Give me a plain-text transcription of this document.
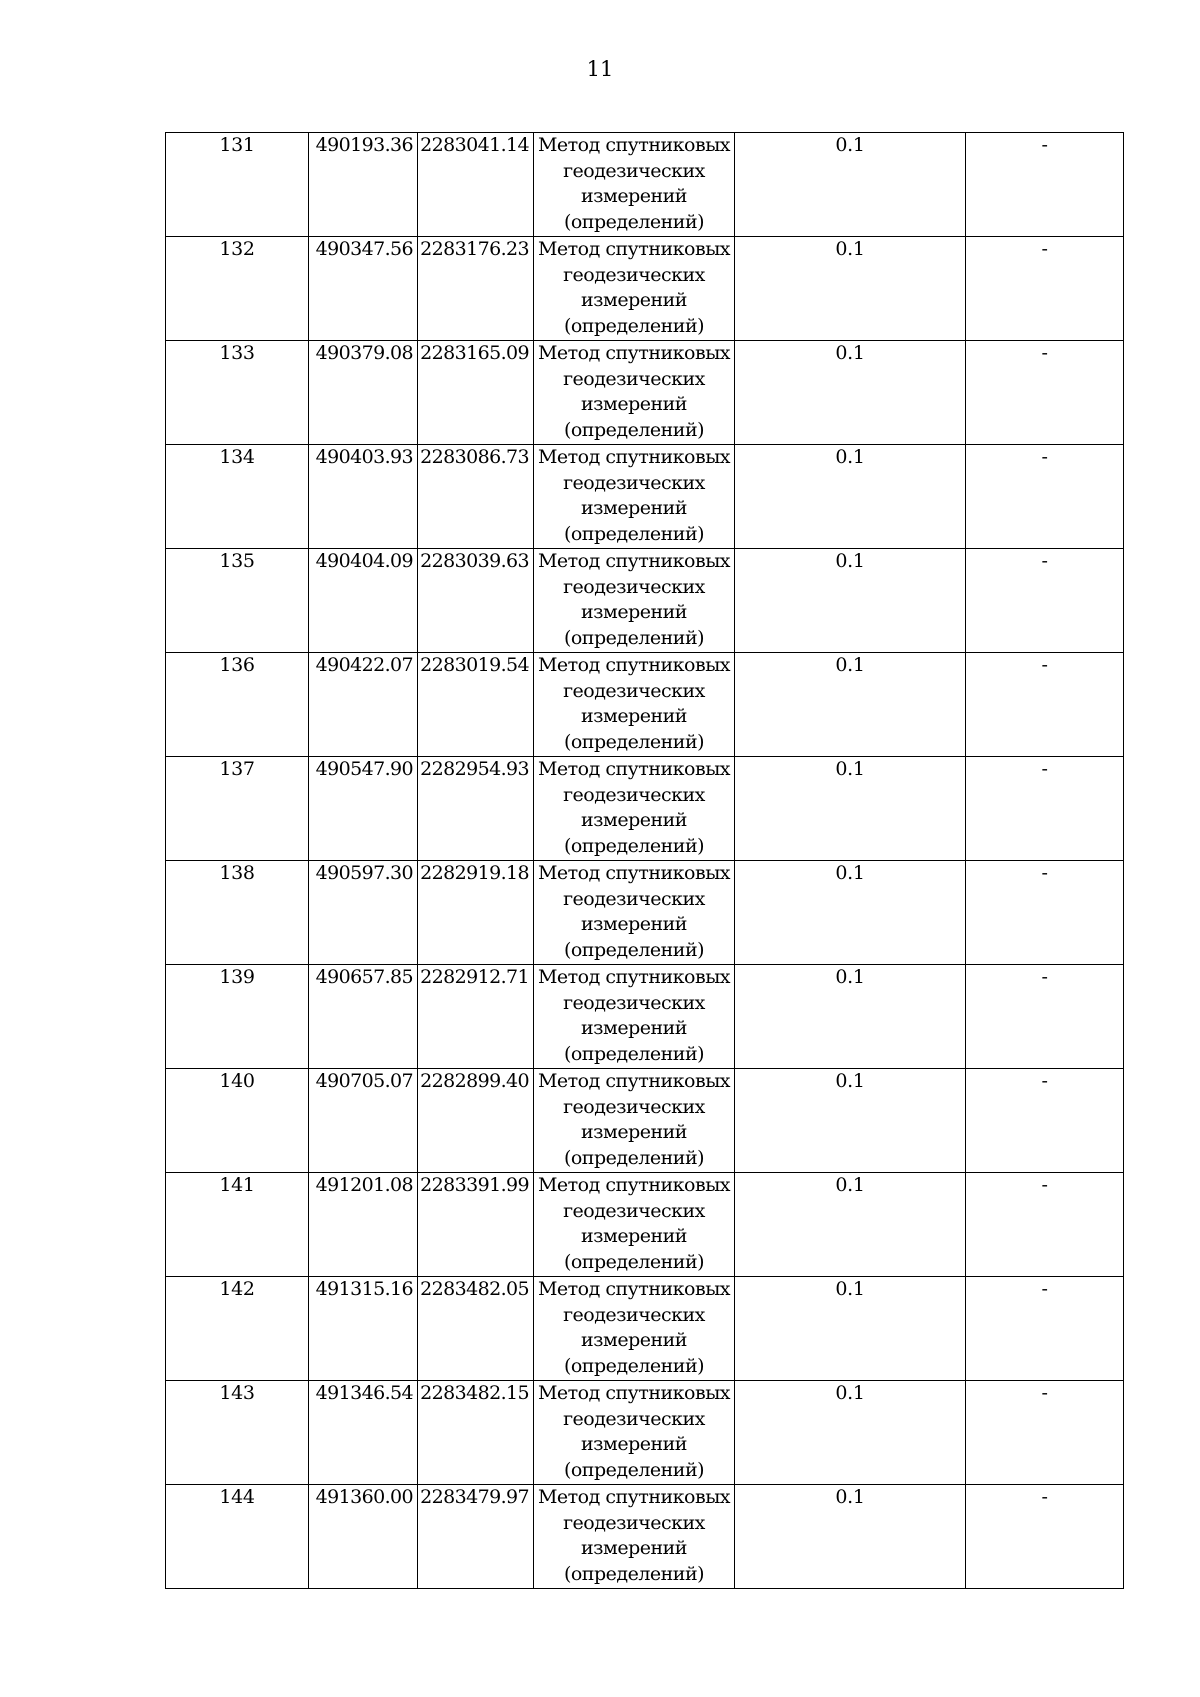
11
131	490193.36	2283041.14	Метод спутниковых
геодезических
измерений
(определений)	0.1	-
132	490347.56	2283176.23	Метод спутниковых
геодезических
измерений
(определений)	0.1	-
133	490379.08	2283165.09	Метод спутниковых
геодезических
измерений
(определений)	0.1	-
134	490403.93	2283086.73	Метод спутниковых
геодезических
измерений
(определений)	0.1	-
135	490404.09	2283039.63	Метод спутниковых
геодезических
измерений
(определений)	0.1	-
136	490422.07	2283019.54	Метод спутниковых
геодезических
измерений
(определений)	0.1	-
137	490547.90	2282954.93	Метод спутниковых
геодезических
измерений
(определений)	0.1	-
138	490597.30	2282919.18	Метод спутниковых
геодезических
измерений
(определений)	0.1	-
139	490657.85	2282912.71	Метод спутниковых
геодезических
измерений
(определений)	0.1	-
140	490705.07	2282899.40	Метод спутниковых
геодезических
измерений
(определений)	0.1	-
141	491201.08	2283391.99	Метод спутниковых
геодезических
измерений
(определений)	0.1	-
142	491315.16	2283482.05	Метод спутниковых
геодезических
измерений
(определений)	0.1	-
143	491346.54	2283482.15	Метод спутниковых
геодезических
измерений
(определений)	0.1	-
144	491360.00	2283479.97	Метод спутниковых
геодезических
измерений
(определений)	0.1	-
